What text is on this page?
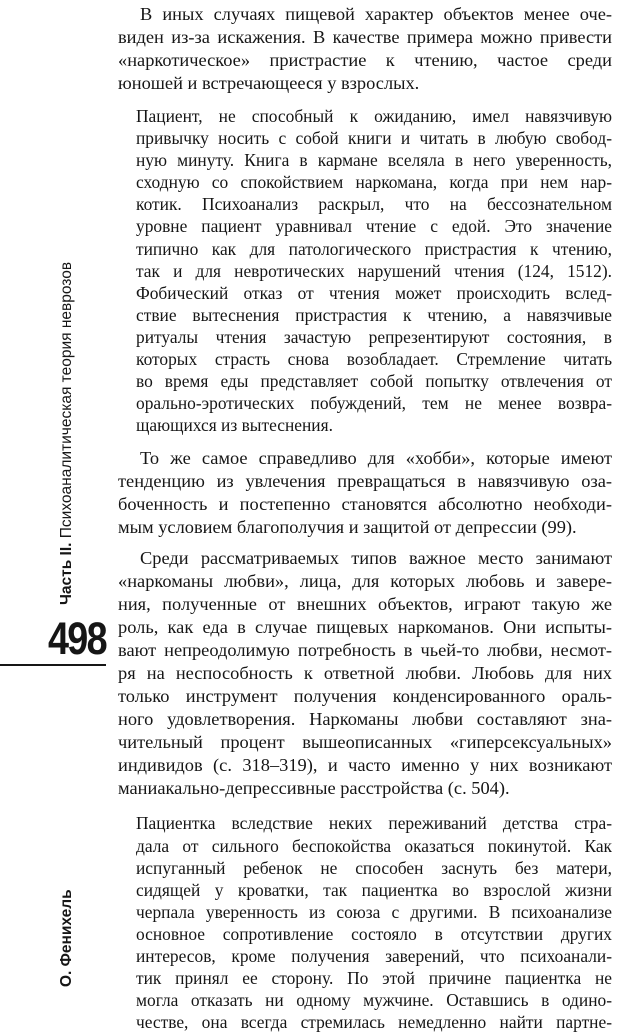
Часть II. Психоаналитическая теория неврозов
О. Фенихель
498
В иных случаях пищевой характер объектов менее оче-
виден из-за искажения. В качестве примера можно привести
«наркотическое» пристрастие к чтению, частое среди
юношей и встречающееся у взрослых.
Пациент, не способный к ожиданию, имел навязчивую
привычку носить с собой книги и читать в любую свобод-
ную минуту. Книга в кармане вселяла в него уверенность,
сходную со спокойствием наркомана, когда при нем нар-
котик. Психоанализ раскрыл, что на бессознательном
уровне пациент уравнивал чтение с едой. Это значение
типично как для патологического пристрастия к чтению,
так и для невротических нарушений чтения (124, 1512).
Фобический отказ от чтения может происходить вслед-
ствие вытеснения пристрастия к чтению, а навязчивые
ритуалы чтения зачастую репрезентируют состояния, в
которых страсть снова возобладает. Стремление читать
во время еды представляет собой попытку отвлечения от
орально-эротических побуждений, тем не менее возвра-
щающихся из вытеснения.
То же самое справедливо для «хобби», которые имеют
тенденцию из увлечения превращаться в навязчивую оза-
боченность и постепенно становятся абсолютно необходи-
мым условием благополучия и защитой от депрессии (99).
Среди рассматриваемых типов важное место занимают
«наркоманы любви», лица, для которых любовь и завере-
ния, полученные от внешних объектов, играют такую же
роль, как еда в случае пищевых наркоманов. Они испыты-
вают непреодолимую потребность в чьей-то любви, несмот-
ря на неспособность к ответной любви. Любовь для них
только инструмент получения конденсированного ораль-
ного удовлетворения. Наркоманы любви составляют зна-
чительный процент вышеописанных «гиперсексуальных»
индивидов (с. 318–319), и часто именно у них возникают
маниакально-депрессивные расстройства (с. 504).
Пациентка вследствие неких переживаний детства стра-
дала от сильного беспокойства оказаться покинутой. Как
испуганный ребенок не способен заснуть без матери,
сидящей у кроватки, так пациентка во взрослой жизни
черпала уверенность из союза с другими. В психоанализе
основное сопротивление состояло в отсутствии других
интересов, кроме получения заверений, что психоанали-
тик принял ее сторону. По этой причине пациентка не
могла отказать ни одному мужчине. Оставшись в одино-
честве, она всегда стремилась немедленно найти партне-
